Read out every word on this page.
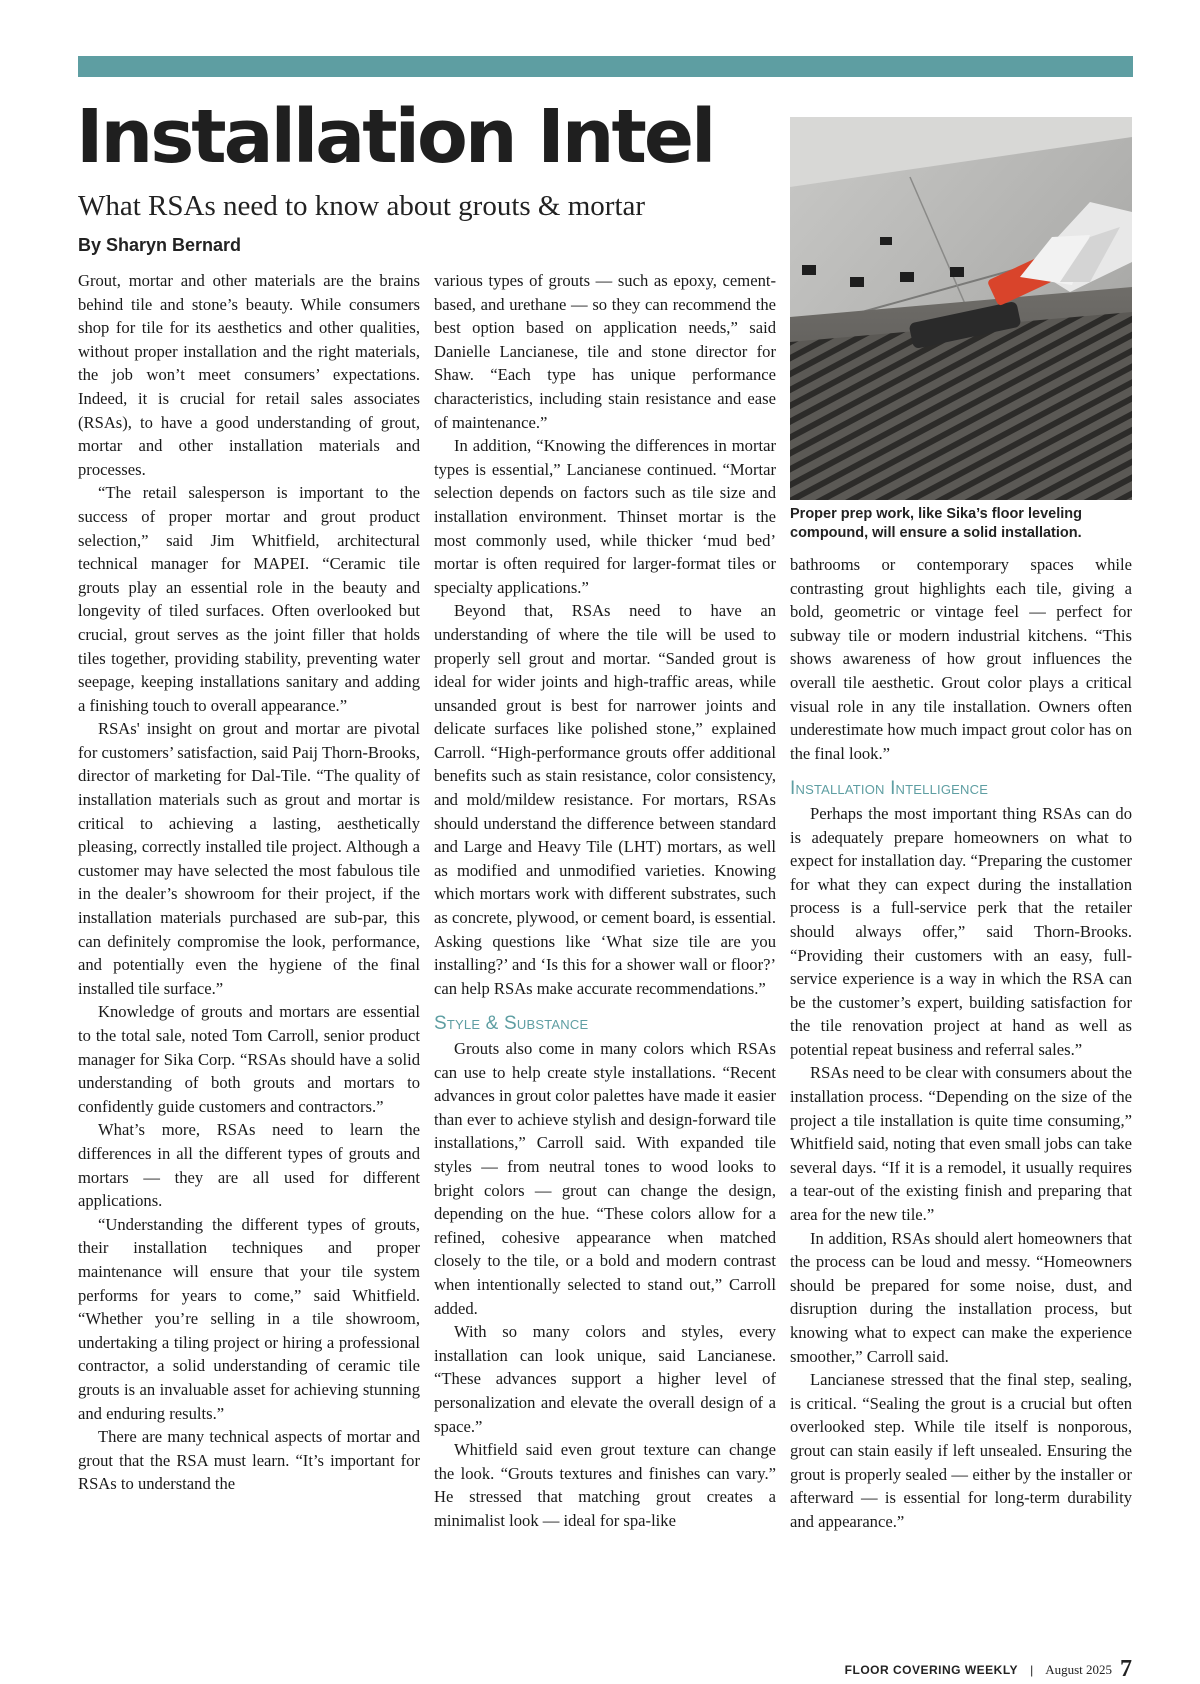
Installation Intel
What RSAs need to know about grouts & mortar

By Sharyn Bernard

Grout, mortar and other materials are the brains behind tile and stone’s beauty. While consumers shop for tile for its aesthetics and other qualities, without proper installation and the right materials, the job won’t meet consumers’ expectations. Indeed, it is crucial for retail sales associates (RSAs), to have a good understanding of grout, mortar and other installation materials and processes.

“The retail salesperson is important to the success of proper mortar and grout product selection,” said Jim Whitfield, architectural technical manager for MAPEI. “Ceramic tile grouts play an essential role in the beauty and longevity of tiled surfaces. Often overlooked but crucial, grout serves as the joint filler that holds tiles together, providing stability, preventing water seepage, keeping installations sanitary and adding a finishing touch to overall appearance.”

RSAs' insight on grout and mortar are pivotal for customers’ satisfaction, said Paij Thorn-Brooks, director of marketing for Dal-Tile. “The quality of installation materials such as grout and mortar is critical to achieving a lasting, aesthetically pleasing, correctly installed tile project. Although a customer may have selected the most fabulous tile in the dealer’s showroom for their project, if the installation materials purchased are sub-par, this can definitely compromise the look, performance, and potentially even the hygiene of the final installed tile surface.”

Knowledge of grouts and mortars are essential to the total sale, noted Tom Carroll, senior product manager for Sika Corp. “RSAs should have a solid understanding of both grouts and mortars to confidently guide customers and contractors.”

What’s more, RSAs need to learn the differences in all the different types of grouts and mortars — they are all used for different applications.

“Understanding the different types of grouts, their installation techniques and proper maintenance will ensure that your tile system performs for years to come,” said Whitfield. “Whether you’re selling in a tile showroom, undertaking a tiling project or hiring a professional contractor, a solid understanding of ceramic tile grouts is an invaluable asset for achieving stunning and enduring results.”

There are many technical aspects of mortar and grout that the RSA must learn. “It’s important for RSAs to understand the

various types of grouts — such as epoxy, cement-based, and urethane — so they can recommend the best option based on application needs,” said Danielle Lancianese, tile and stone director for Shaw. “Each type has unique performance characteristics, including stain resistance and ease of maintenance.”

In addition, “Knowing the differences in mortar types is essential,” Lancianese continued. “Mortar selection depends on factors such as tile size and installation environment. Thinset mortar is the most commonly used, while thicker ‘mud bed’ mortar is often required for larger-format tiles or specialty applications.”

Beyond that, RSAs need to have an understanding of where the tile will be used to properly sell grout and mortar. “Sanded grout is ideal for wider joints and high-traffic areas, while unsanded grout is best for narrower joints and delicate surfaces like polished stone,” explained Carroll. “High-performance grouts offer additional benefits such as stain resistance, color consistency, and mold/mildew resistance. For mortars, RSAs should understand the difference between standard and Large and Heavy Tile (LHT) mortars, as well as modified and unmodified varieties. Knowing which mortars work with different substrates, such as concrete, plywood, or cement board, is essential. Asking questions like ‘What size tile are you installing?’ and ‘Is this for a shower wall or floor?’ can help RSAs make accurate recommendations.”

Style & Substance

Grouts also come in many colors which RSAs can use to help create style installations. “Recent advances in grout color palettes have made it easier than ever to achieve stylish and design-forward tile installations,” Carroll said. With expanded tile styles — from neutral tones to wood looks to bright colors — grout can change the design, depending on the hue. “These colors allow for a refined, cohesive appearance when matched closely to the tile, or a bold and modern contrast when intentionally selected to stand out,” Carroll added.

With so many colors and styles, every installation can look unique, said Lancianese. “These advances support a higher level of personalization and elevate the overall design of a space.”

Whitfield said even grout texture can change the look. “Grouts textures and finishes can vary.” He stressed that matching grout creates a minimalist look — ideal for spa-like

Proper prep work, like Sika’s floor leveling compound, will ensure a solid installation.

bathrooms or contemporary spaces while contrasting grout highlights each tile, giving a bold, geometric or vintage feel — perfect for subway tile or modern industrial kitchens. “This shows awareness of how grout influences the overall tile aesthetic. Grout color plays a critical visual role in any tile installation. Owners often underestimate how much impact grout color has on the final look.”

Installation Intelligence

Perhaps the most important thing RSAs can do is adequately prepare homeowners on what to expect for installation day. “Preparing the customer for what they can expect during the installation process is a full-service perk that the retailer should always offer,” said Thorn-Brooks. “Providing their customers with an easy, full-service experience is a way in which the RSA can be the customer’s expert, building satisfaction for the tile renovation project at hand as well as potential repeat business and referral sales.”

RSAs need to be clear with consumers about the installation process. “Depending on the size of the project a tile installation is quite time consuming,” Whitfield said, noting that even small jobs can take several days. “If it is a remodel, it usually requires a tear-out of the existing finish and preparing that area for the new tile.”

In addition, RSAs should alert homeowners that the process can be loud and messy. “Homeowners should be prepared for some noise, dust, and disruption during the installation process, but knowing what to expect can make the experience smoother,” Carroll said.

Lancianese stressed that the final step, sealing, is critical. “Sealing the grout is a crucial but often overlooked step. While tile itself is nonporous, grout can stain easily if left unsealed. Ensuring the grout is properly sealed — either by the installer or afterward — is essential for long-term durability and appearance.”

FLOOR COVERING WEEKLY | August 2025 7
